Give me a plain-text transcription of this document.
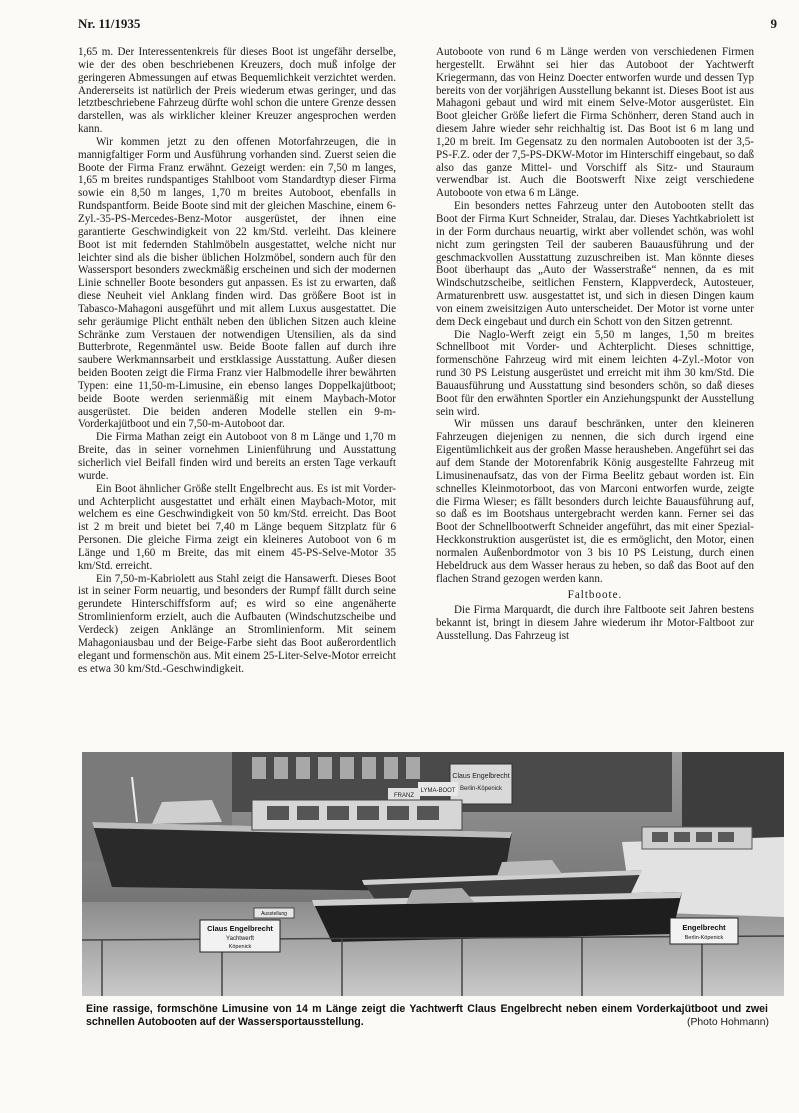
Nr. 11/1935	9

1,65 m. Der Interessentenkreis für dieses Boot ist ungefähr derselbe, wie der des oben beschriebenen Kreuzers, doch muß infolge der geringeren Abmessungen auf etwas Bequemlichkeit verzichtet werden. Andererseits ist natürlich der Preis wiederum etwas geringer, und das letztbeschriebene Fahrzeug dürfte wohl schon die untere Grenze dessen darstellen, was als wirklicher kleiner Kreuzer angesprochen werden kann.

Wir kommen jetzt zu den offenen Motorfahrzeugen, die in mannigfaltiger Form und Ausführung vorhanden sind. Zuerst seien die Boote der Firma Franz erwähnt. Gezeigt werden: ein 7,50 m langes, 1,65 m breites rundspantiges Stahlboot vom Standardtyp dieser Firma sowie ein 8,50 m langes, 1,70 m breites Autoboot, ebenfalls in Rundspantform. Beide Boote sind mit der gleichen Maschine, einem 6-Zyl.-35-PS-Mercedes-Benz-Motor ausgerüstet, der ihnen eine garantierte Geschwindigkeit von 22 km/Std. verleiht. Das kleinere Boot ist mit federnden Stahlmöbeln ausgestattet, welche nicht nur leichter sind als die bisher üblichen Holzmöbel, sondern auch für den Wassersport besonders zweckmäßig erscheinen und sich der modernen Linie schneller Boote besonders gut anpassen. Es ist zu erwarten, daß diese Neuheit viel Anklang finden wird. Das größere Boot ist in Tabasco-Mahagoni ausgeführt und mit allem Luxus ausgestattet. Die sehr geräumige Plicht enthält neben den üblichen Sitzen auch kleine Schränke zum Verstauen der notwendigen Utensilien, als da sind Butterbrote, Regenmäntel usw. Beide Boote fallen auf durch ihre saubere Werkmannsarbeit und erstklassige Ausstattung. Außer diesen beiden Booten zeigt die Firma Franz vier Halbmodelle ihrer bewährten Typen: eine 11,50-m-Limusine, ein ebenso langes Doppelkajütboot; beide Boote werden serienmäßig mit einem Maybach-Motor ausgerüstet. Die beiden anderen Modelle stellen ein 9-m-Vorderkajütboot und ein 7,50-m-Autoboot dar.

Die Firma Mathan zeigt ein Autoboot von 8 m Länge und 1,70 m Breite, das in seiner vornehmen Linienführung und Ausstattung sicherlich viel Beifall finden wird und bereits an ersten Tage verkauft wurde.

Ein Boot ähnlicher Größe stellt Engelbrecht aus. Es ist mit Vorder- und Achterplicht ausgestattet und erhält einen Maybach-Motor, mit welchem es eine Geschwindigkeit von 50 km/Std. erreicht. Das Boot ist 2 m breit und bietet bei 7,40 m Länge bequem Sitzplatz für 6 Personen. Die gleiche Firma zeigt ein kleineres Autoboot von 6 m Länge und 1,60 m Breite, das mit einem 45-PS-Selve-Motor 35 km/Std. erreicht.

Ein 7,50-m-Kabriolett aus Stahl zeigt die Hansawerft. Dieses Boot ist in seiner Form neuartig, und besonders der Rumpf fällt durch seine gerundete Hinterschiffsform auf; es wird so eine angenäherte Stromlinienform erzielt, auch die Aufbauten (Windschutzscheibe und Verdeck) zeigen Anklänge an Stromlinienform. Mit seinem Mahagoniausbau und der Beige-Farbe sieht das Boot außerordentlich elegant und formenschön aus. Mit einem 25-Liter-Selve-Motor erreicht es etwa 30 km/Std.-Geschwindigkeit.

Autoboote von rund 6 m Länge werden von verschiedenen Firmen hergestellt. Erwähnt sei hier das Autoboot der Yachtwerft Kriegermann, das von Heinz Doecter entworfen wurde und dessen Typ bereits von der vorjährigen Ausstellung bekannt ist. Dieses Boot ist aus Mahagoni gebaut und wird mit einem Selve-Motor ausgerüstet. Ein Boot gleicher Größe liefert die Firma Schönherr, deren Stand auch in diesem Jahre wieder sehr reichhaltig ist. Das Boot ist 6 m lang und 1,20 m breit. Im Gegensatz zu den normalen Autobooten ist der 3,5-PS-F.Z. oder der 7,5-PS-DKW-Motor im Hinterschiff eingebaut, so daß also das ganze Mittel- und Vorschiff als Sitz- und Stauraum verwendbar ist. Auch die Bootswerft Nixe zeigt verschiedene Autoboote von etwa 6 m Länge.

Ein besonders nettes Fahrzeug unter den Autobooten stellt das Boot der Firma Kurt Schneider, Stralau, dar. Dieses Yachtkabriolett ist in der Form durchaus neuartig, wirkt aber vollendet schön, was wohl nicht zum geringsten Teil der sauberen Bauausführung und der geschmackvollen Ausstattung zuzuschreiben ist. Man könnte dieses Boot überhaupt das „Auto der Wasserstraße“ nennen, da es mit Windschutzscheibe, seitlichen Fenstern, Klappverdeck, Autosteuer, Armaturenbrett usw. ausgestattet ist, und sich in diesen Dingen kaum von einem zweisitzigen Auto unterscheidet. Der Motor ist vorne unter dem Deck eingebaut und durch ein Schott von den Sitzen getrennt.

Die Naglo-Werft zeigt ein 5,50 m langes, 1,50 m breites Schnellboot mit Vorder- und Achterplicht. Dieses schnittige, formenschöne Fahrzeug wird mit einem leichten 4-Zyl.-Motor von rund 30 PS Leistung ausgerüstet und erreicht mit ihm 30 km/Std. Die Bauausführung und Ausstattung sind besonders schön, so daß dieses Boot für den erwähnten Sportler ein Anziehungspunkt der Ausstellung sein wird.

Wir müssen uns darauf beschränken, unter den kleineren Fahrzeugen diejenigen zu nennen, die sich durch irgend eine Eigentümlichkeit aus der großen Masse herausheben. Angeführt sei das auf dem Stande der Motorenfabrik König ausgestellte Fahrzeug mit Limusinenaufsatz, das von der Firma Beelitz gebaut worden ist. Ein schnelles Kleinmotorboot, das von Marconi entworfen wurde, zeigte die Firma Wieser; es fällt besonders durch leichte Bauausführung auf, so daß es im Bootshaus untergebracht werden kann. Ferner sei das Boot der Schnellbootwerft Schneider angeführt, das mit einer Spezial-Heckkonstruktion ausgerüstet ist, die es ermöglicht, den Motor, einen normalen Außenbordmotor von 3 bis 10 PS Leistung, durch einen Hebeldruck aus dem Wasser heraus zu heben, so daß das Boot auf den flachen Strand gezogen werden kann.

Faltboote.

Die Firma Marquardt, die durch ihre Faltboote seit Jahren bestens bekannt ist, bringt in diesem Jahre wiederum ihr Motor-Faltboot zur Ausstellung. Das Fahrzeug ist

Claus Engelbrecht
Berlin-Köpenick
LYMA-BOOT
FRANZ
Claus Engelbrecht
Yachtwerft
Köpenick
Ausstellung
Engelbrecht
Berlin-Köpenick
Eine rassige, formschöne Limusine von 14 m Länge zeigt die Yachtwerft Claus Engelbrecht neben einem Vorderkajütboot und zwei schnellen Autobooten auf der Wassersportausstellung.	(Photo Hohmann)
